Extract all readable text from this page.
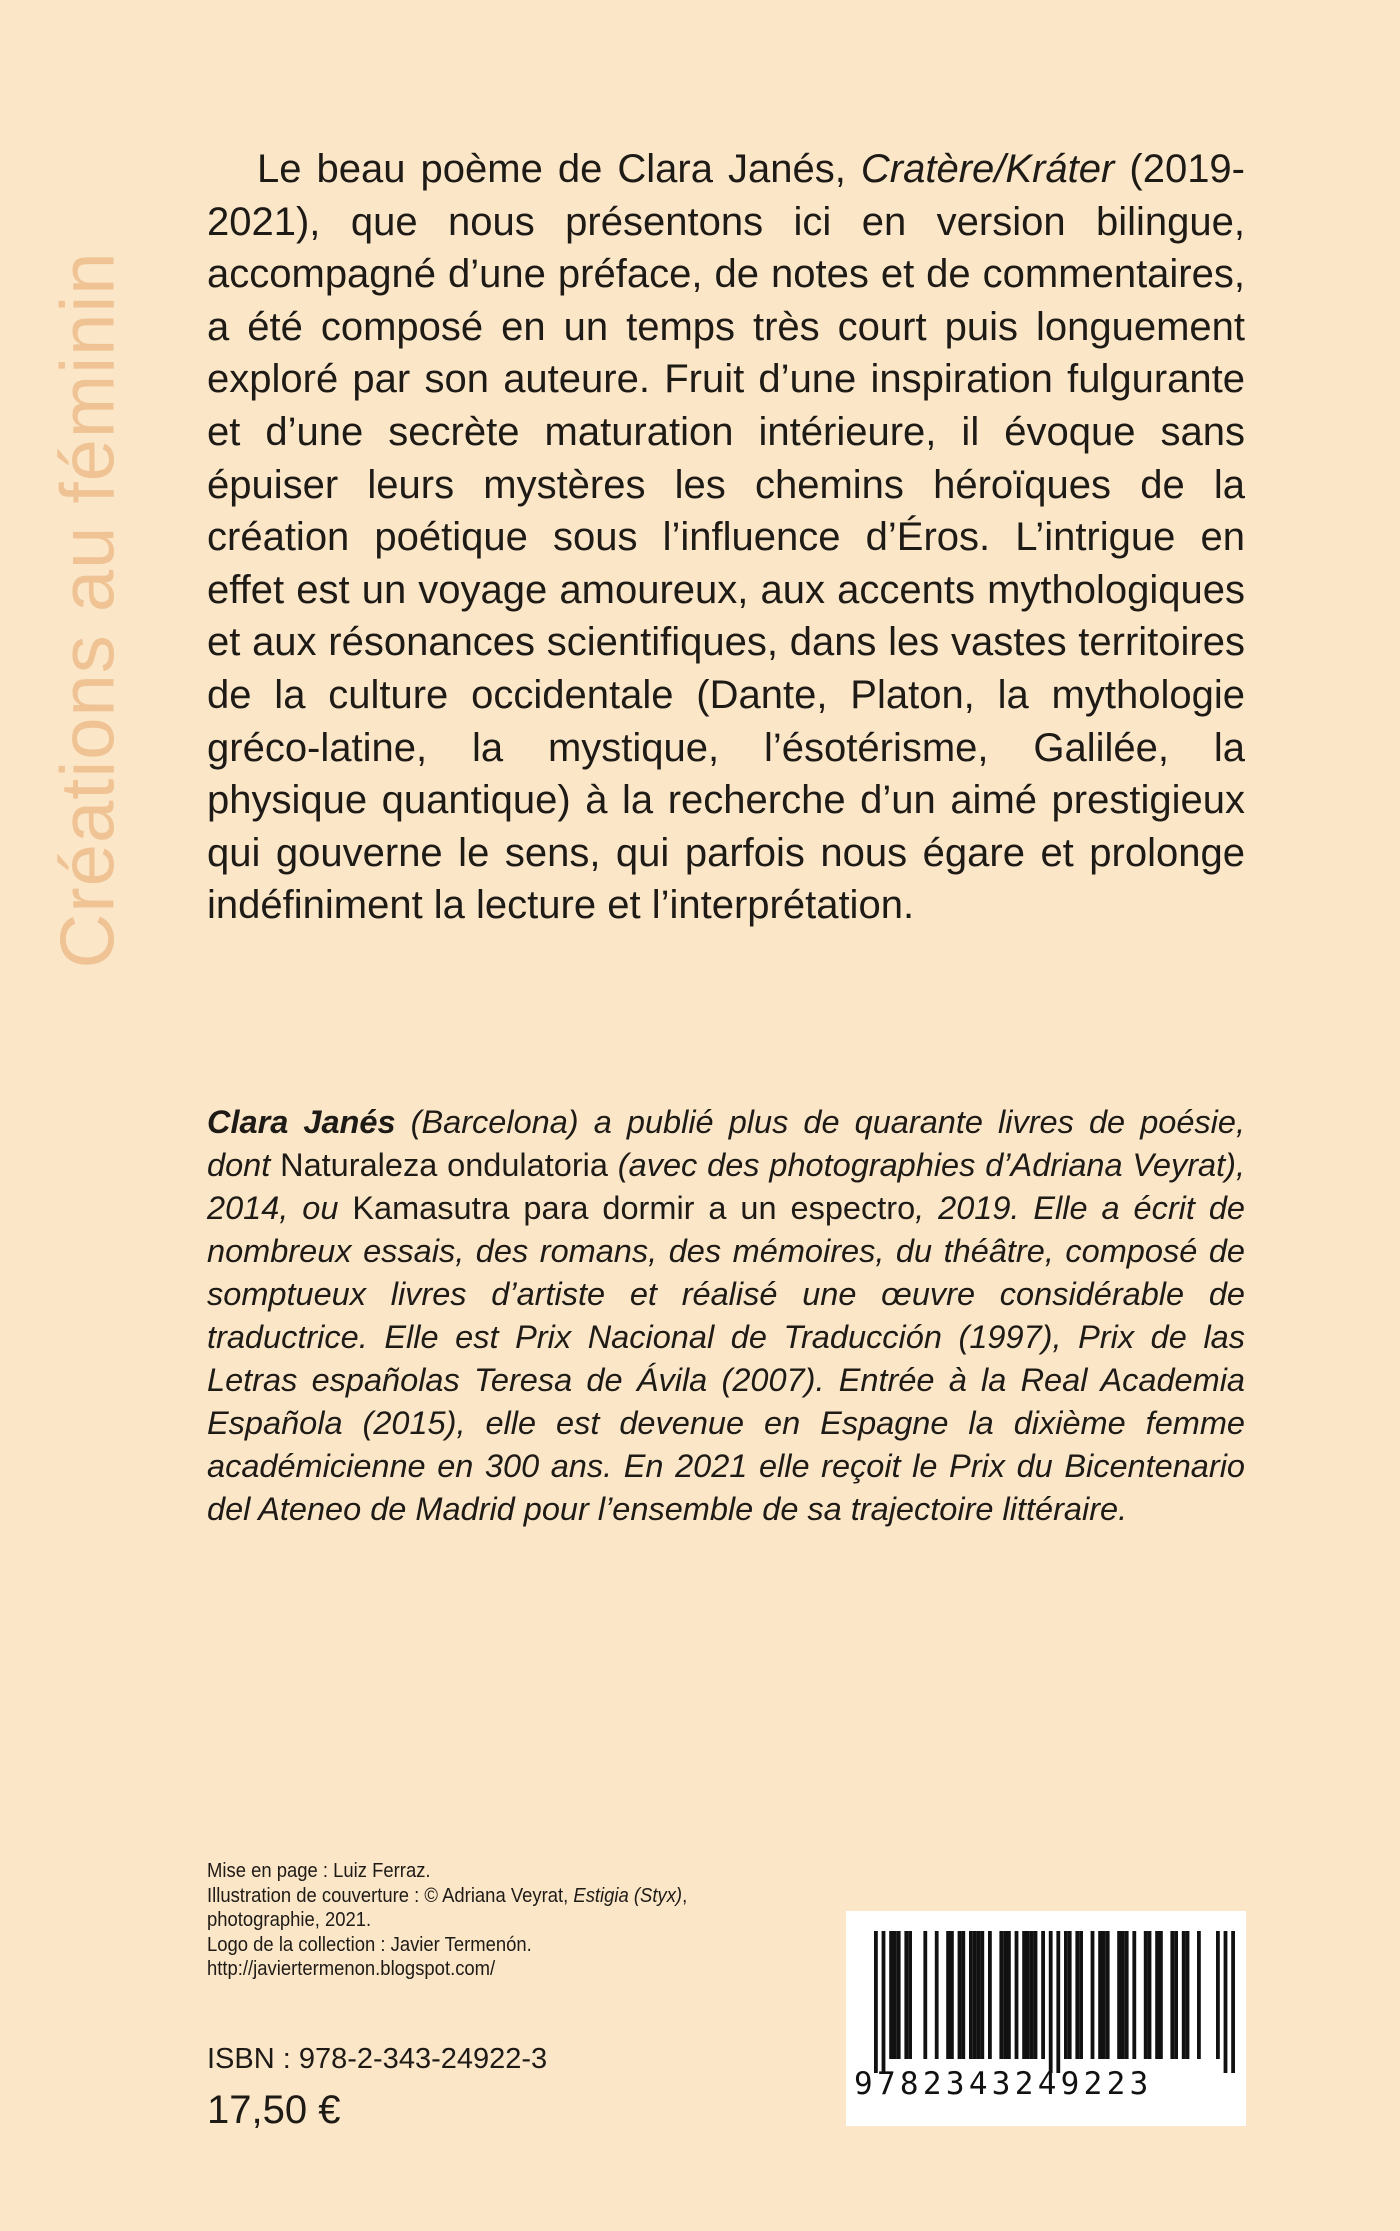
Créations au féminin

Le beau poème de Clara Janés, Cratère/Kráter (2019-2021), que nous présentons ici en version bilingue, accompagné d’une préface, de notes et de commentaires, a été composé en un temps très court puis longuement exploré par son auteure. Fruit d’une inspiration fulgurante et d’une secrète maturation intérieure, il évoque sans épuiser leurs mystères les chemins héroïques de la création poétique sous l’influence d’Éros. L’intrigue en effet est un voyage amoureux, aux accents mythologiques et aux résonances scientifiques, dans les vastes territoires de la culture occidentale (Dante, Platon, la mythologie gréco-latine, la mystique, l’ésotérisme, Galilée, la physique quantique) à la recherche d’un aimé prestigieux qui gouverne le sens, qui parfois nous égare et prolonge indéfiniment la lecture et l’interprétation.

Clara Janés (Barcelona) a publié plus de quarante livres de poésie, dont Naturaleza ondulatoria (avec des photographies d’Adriana Veyrat), 2014, ou Kamasutra para dormir a un espectro, 2019. Elle a écrit de nombreux essais, des romans, des mémoires, du théâtre, composé de somptueux livres d’artiste et réalisé une œuvre considérable de traductrice. Elle est Prix Nacional de Traducción (1997), Prix de las Letras españolas Teresa de Ávila (2007). Entrée à la Real Academia Española (2015), elle est devenue en Espagne la dixième femme académicienne en 300 ans. En 2021 elle reçoit le Prix du Bicentenario del Ateneo de Madrid pour l’ensemble de sa trajectoire littéraire.

Mise en page : Luiz Ferraz.
Illustration de couverture : © Adriana Veyrat, Estigia (Styx),
photographie, 2021.
Logo de la collection : Javier Termenón.
http://javiertermenon.blogspot.com/
ISBN : 978-2-343-24922-3
17,50 €
9782343249223
